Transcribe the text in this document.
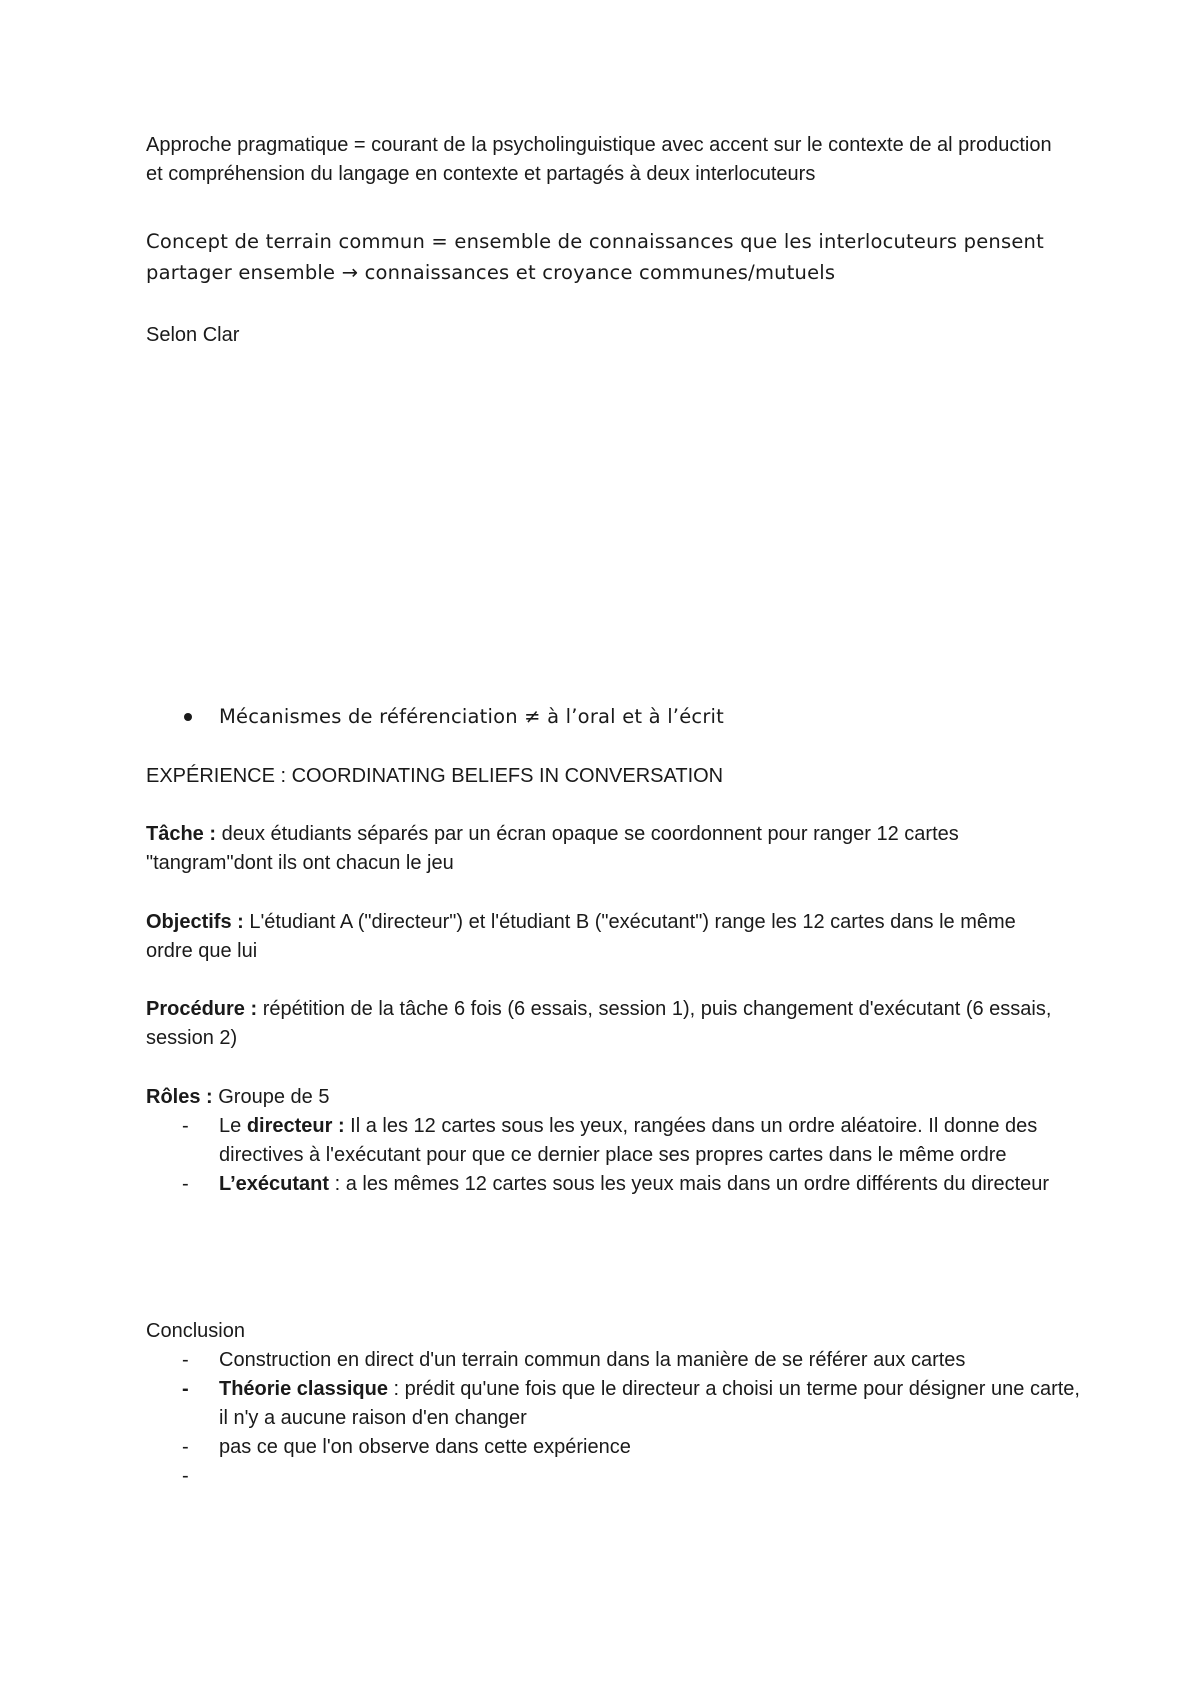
Approche pragmatique = courant de la psycholinguistique avec accent sur le contexte de al production et compréhension du langage en contexte et partagés à deux interlocuteurs

Concept de terrain commun = ensemble de connaissances que les interlocuteurs pensent partager ensemble → connaissances et croyance communes/mutuels

Selon Clar

Mécanismes de référenciation ≠ à l’oral et à l’écrit

EXPÉRIENCE : COORDINATING BELIEFS IN CONVERSATION

Tâche : deux étudiants séparés par un écran opaque se coordonnent pour ranger 12 cartes "tangram"dont ils ont chacun le jeu

Objectifs : L'étudiant A ("directeur") et l'étudiant B ("exécutant") range les 12 cartes dans le même ordre que lui

Procédure : répétition de la tâche 6 fois (6 essais, session 1), puis changement d'exécutant (6 essais, session 2)

Rôles : Groupe de 5

- Le directeur : Il a les 12 cartes sous les yeux, rangées dans un ordre aléatoire. Il donne des directives à l'exécutant pour que ce dernier place ses propres cartes dans le même ordre
- L’exécutant : a les mêmes 12 cartes sous les yeux mais dans un ordre différents du directeur

Conclusion

- Construction en direct d'un terrain commun dans la manière de se référer aux cartes
- Théorie classique : prédit qu'une fois que le directeur a choisi un terme pour désigner une carte, il n'y a aucune raison d'en changer
- pas ce que l'on observe dans cette expérience
-
